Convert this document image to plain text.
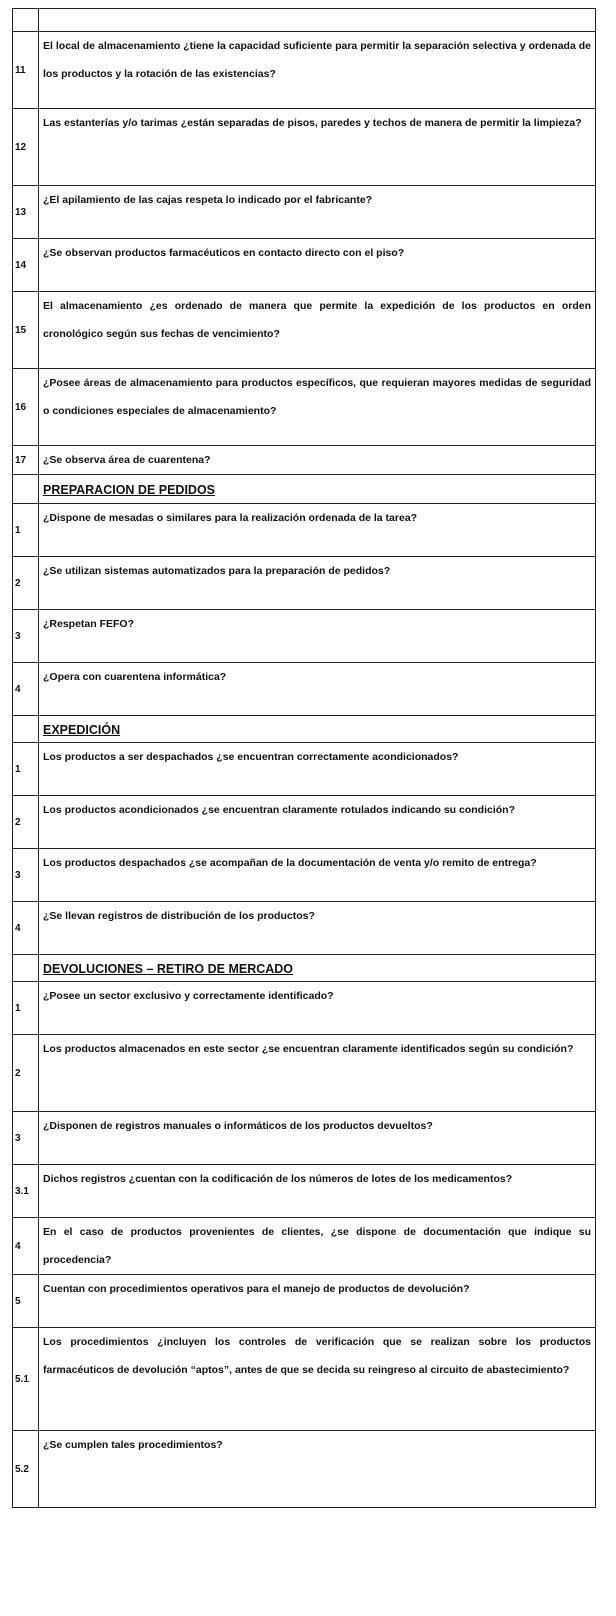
11	El local de almacenamiento ¿tiene la capacidad suficiente para permitir la separación selectiva y ordenada de los productos y la rotación de las existencias?
12	Las estanterías y/o tarimas ¿están separadas de pisos, paredes y techos de manera de permitir la limpieza?
13	¿El apilamiento de las cajas respeta lo indicado por el fabricante?
14	¿Se observan productos farmacéuticos en contacto directo con el piso?
15	El almacenamiento ¿es ordenado de manera que permite la expedición de los productos en orden cronológico según sus fechas de vencimiento?
16	¿Posee áreas de almacenamiento para productos específicos, que requieran mayores medidas de seguridad o condiciones especiales de almacenamiento?
17	¿Se observa área de cuarentena?
	PREPARACION DE PEDIDOS
1	¿Dispone de mesadas o similares para la realización ordenada de la tarea?
2	¿Se utilizan sistemas automatizados para la preparación de pedidos?
3	¿Respetan FEFO?
4	¿Opera con cuarentena informática?
	EXPEDICIÓN
1	Los productos a ser despachados ¿se encuentran correctamente acondicionados?
2	Los productos acondicionados ¿se encuentran claramente rotulados indicando su condición?
3	Los productos despachados ¿se acompañan de la documentación de venta y/o remito de entrega?
4	¿Se llevan registros de distribución de los productos?
	DEVOLUCIONES – RETIRO DE MERCADO
1	¿Posee un sector exclusivo y correctamente identificado?
2	Los productos almacenados en este sector ¿se encuentran claramente identificados según su condición?
3	¿Disponen de registros manuales o informáticos de los productos devueltos?
3.1	Dichos registros ¿cuentan con la codificación de los números de lotes de los medicamentos?
4	En el caso de productos provenientes de clientes, ¿se dispone de documentación que indique su procedencia?
5	Cuentan con procedimientos operativos para el manejo de productos de devolución?
5.1	Los procedimientos ¿incluyen los controles de verificación que se realizan sobre los productos farmacéuticos de devolución “aptos”, antes de que se decida su reingreso al circuito de abastecimiento?
5.2	¿Se cumplen tales procedimientos?
